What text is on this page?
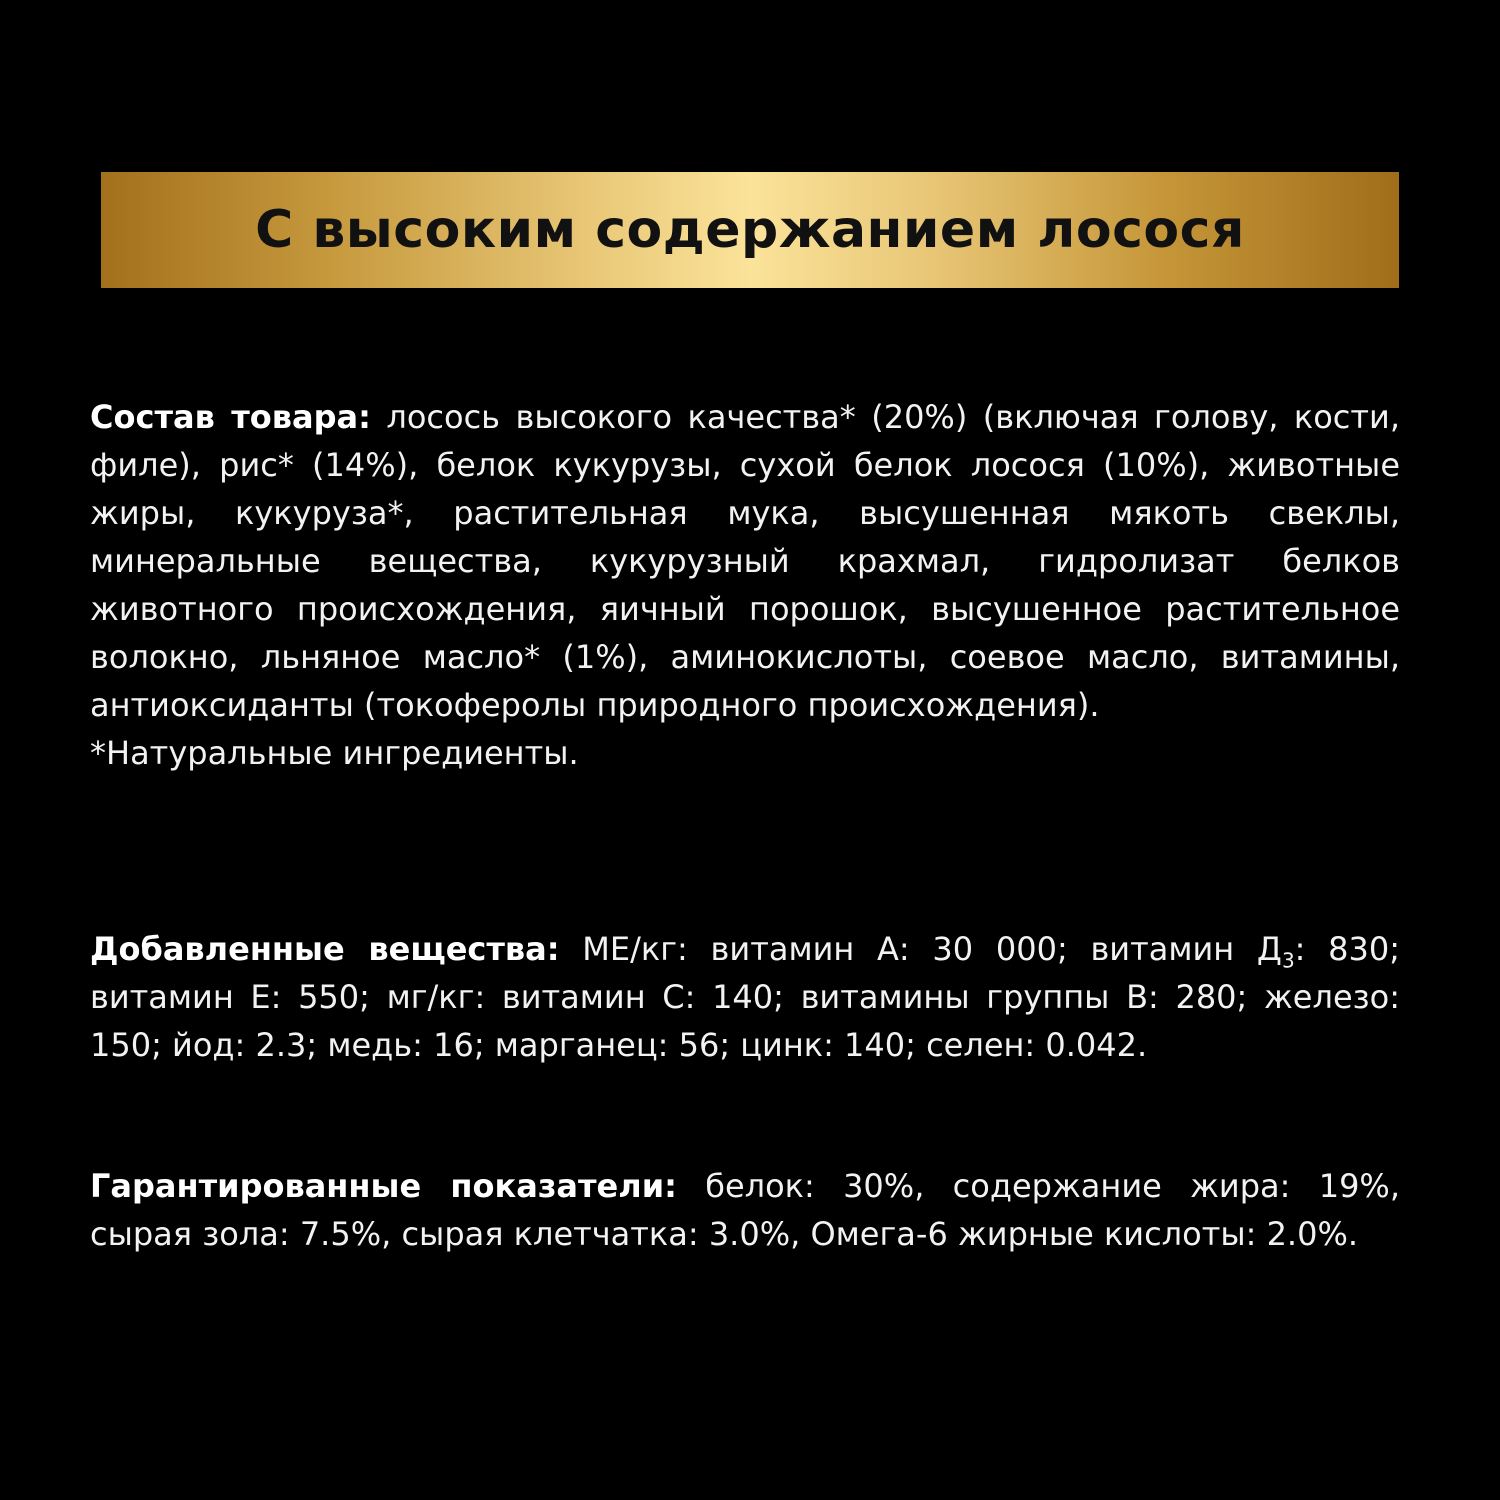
С высоким содержанием лосося
Состав товара: лосось высокого качества* (20%) (включая голову, кости, филе), рис* (14%), белок кукурузы, сухой белок лосося (10%), животные жиры, кукуруза*, растительная мука, высушенная мякоть свеклы, минеральные вещества, кукурузный крахмал, гидролизат белков животного происхождения, яичный порошок, высушенное растительное волокно, льняное масло* (1%), аминокислоты, соевое масло, витамины, антиоксиданты (токоферолы природного происхождения).
*Натуральные ингредиенты.
Добавленные вещества: МЕ/кг: витамин А: 30 000; витамин $Д_3$: 830; витамин Е: 550; мг/кг: витамин С: 140; витамины группы В: 280; железо: 150; йод: 2.3; медь: 16; марганец: 56; цинк: 140; селен: 0.042.
Гарантированные показатели: белок: 30%, содержание жира: 19%, сырая зола: 7.5%, сырая клетчатка: 3.0%, Омега-6 жирные кислоты: 2.0%.
